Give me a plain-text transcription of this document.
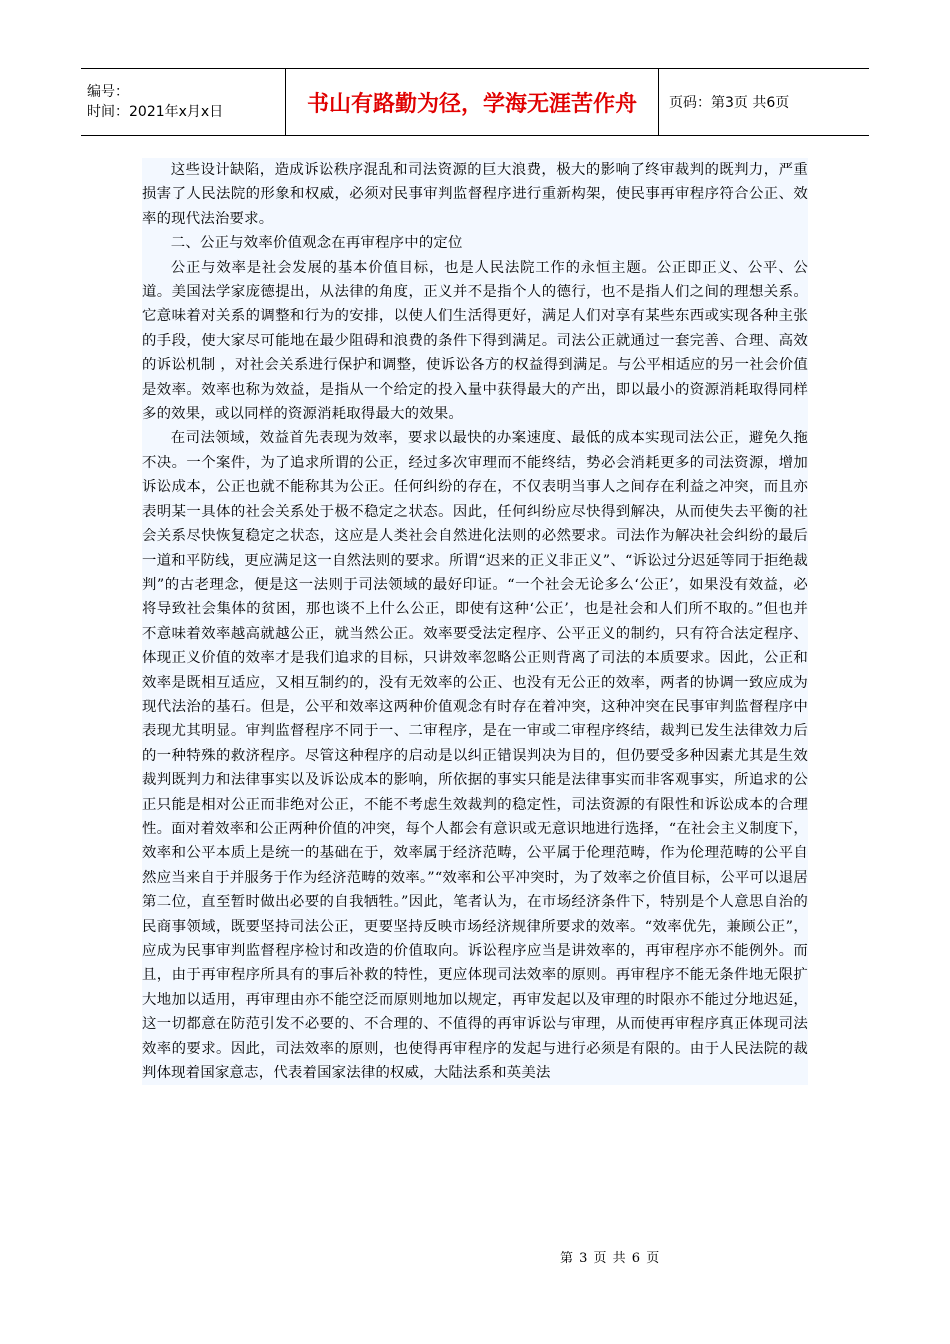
编号：
时间：2021年x月x日	书山有路勤为径，学海无涯苦作舟 页码：第3页 共6页

这些设计缺陷，造成诉讼秩序混乱和司法资源的巨大浪费，极大的影响了终审裁判的既判力，严重损害了人民法院的形象和权威，必须对民事审判监督程序进行重新构架，使民事再审程序符合公正、效率的现代法治要求。

二、公正与效率价值观念在再审程序中的定位

公正与效率是社会发展的基本价值目标，也是人民法院工作的永恒主题。公正即正义、公平、公道。美国法学家庞德提出，从法律的角度，正义并不是指个人的德行，也不是指人们之间的理想关系。它意味着对关系的调整和行为的安排，以使人们生活得更好，满足人们对享有某些东西或实现各种主张的手段，使大家尽可能地在最少阻碍和浪费的条件下得到满足。司法公正就通过一套完善、合理、高效的诉讼机制 ，对社会关系进行保护和调整，使诉讼各方的权益得到满足。与公平相适应的另一社会价值是效率。效率也称为效益，是指从一个给定的投入量中获得最大的产出，即以最小的资源消耗取得同样多的效果，或以同样的资源消耗取得最大的效果。

在司法领域，效益首先表现为效率，要求以最快的办案速度、最低的成本实现司法公正，避免久拖不决。一个案件，为了追求所谓的公正，经过多次审理而不能终结，势必会消耗更多的司法资源，增加诉讼成本，公正也就不能称其为公正。任何纠纷的存在，不仅表明当事人之间存在利益之冲突，而且亦表明某一具体的社会关系处于极不稳定之状态。因此，任何纠纷应尽快得到解决，从而使失去平衡的社会关系尽快恢复稳定之状态，这应是人类社会自然进化法则的必然要求。司法作为解决社会纠纷的最后一道和平防线，更应满足这一自然法则的要求。所谓“迟来的正义非正义”、“诉讼过分迟延等同于拒绝裁判”的古老理念，便是这一法则于司法领域的最好印证。“一个社会无论多么‘公正’，如果没有效益，必将导致社会集体的贫困，那也谈不上什么公正，即使有这种‘公正’，也是社会和人们所不取的。”但也并不意味着效率越高就越公正，就当然公正。效率要受法定程序、公平正义的制约，只有符合法定程序、体现正义价值的效率才是我们追求的目标，只讲效率忽略公正则背离了司法的本质要求。因此，公正和效率是既相互适应，又相互制约的，没有无效率的公正、也没有无公正的效率，两者的协调一致应成为现代法治的基石。但是，公平和效率这两种价值观念有时存在着冲突，这种冲突在民事审判监督程序中表现尤其明显。审判监督程序不同于一、二审程序，是在一审或二审程序终结，裁判已发生法律效力后的一种特殊的救济程序。尽管这种程序的启动是以纠正错误判决为目的，但仍要受多种因素尤其是生效裁判既判力和法律事实以及诉讼成本的影响，所依据的事实只能是法律事实而非客观事实，所追求的公正只能是相对公正而非绝对公正，不能不考虑生效裁判的稳定性，司法资源的有限性和诉讼成本的合理性。面对着效率和公正两种价值的冲突，每个人都会有意识或无意识地进行选择，“在社会主义制度下，效率和公平本质上是统一的基础在于，效率属于经济范畴，公平属于伦理范畴，作为伦理范畴的公平自然应当来自于并服务于作为经济范畴的效率。”“效率和公平冲突时，为了效率之价值目标，公平可以退居第二位，直至暂时做出必要的自我牺牲。”因此，笔者认为，在市场经济条件下，特别是个人意思自治的民商事领域，既要坚持司法公正，更要坚持反映市场经济规律所要求的效率。“效率优先，兼顾公正”，应成为民事审判监督程序检讨和改造的价值取向。诉讼程序应当是讲效率的，再审程序亦不能例外。而且，由于再审程序所具有的事后补救的特性，更应体现司法效率的原则。再审程序不能无条件地无限扩大地加以适用，再审理由亦不能空泛而原则地加以规定，再审发起以及审理的时限亦不能过分地迟延，这一切都意在防范引发不必要的、不合理的、不值得的再审诉讼与审理，从而使再审程序真正体现司法效率的要求。因此，司法效率的原则，也使得再审程序的发起与进行必须是有限的。由于人民法院的裁判体现着国家意志，代表着国家法律的权威，大陆法系和英美法

第 3 页 共 6 页
